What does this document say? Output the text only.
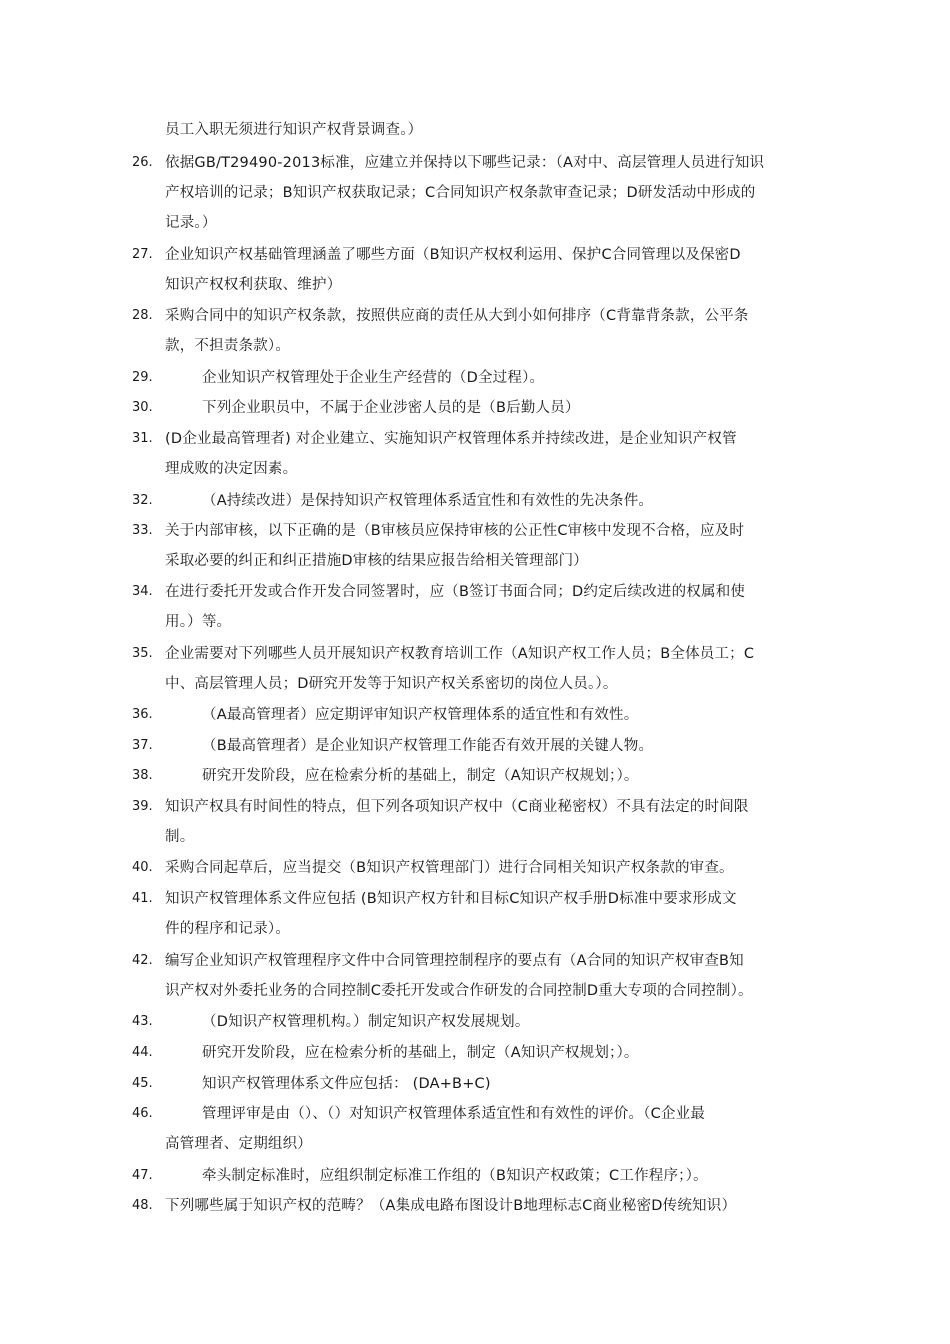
员工入职无须进行知识产权背景调查。）
26. 依据GB/T29490-2013标准，应建立并保持以下哪些记录：（A对中、高层管理人员进行知识
产权培训的记录；B知识产权获取记录；C合同知识产权条款审查记录；D研发活动中形成的
记录。）
27. 企业知识产权基础管理涵盖了哪些方面（B知识产权权利运用、保护C合同管理以及保密D
知识产权权利获取、维护）
28. 采购合同中的知识产权条款，按照供应商的责任从大到小如何排序（C背靠背条款，公平条
款，不担责条款）。
29.	企业知识产权管理处于企业生产经营的（D全过程）。
30.	下列企业职员中，不属于企业涉密人员的是（B后勤人员）
31. (D企业最高管理者) 对企业建立、实施知识产权管理体系并持续改进，是企业知识产权管
理成败的决定因素。
32.	（A持续改进）是保持知识产权管理体系适宜性和有效性的先决条件。
33. 关于内部审核，以下正确的是（B审核员应保持审核的公正性C审核中发现不合格，应及时
采取必要的纠正和纠正措施D审核的结果应报告给相关管理部门）
34. 在进行委托开发或合作开发合同签署时，应（B签订书面合同；D约定后续改进的权属和使
用。）等。
35. 企业需要对下列哪些人员开展知识产权教育培训工作（A知识产权工作人员；B全体员工；C
中、高层管理人员；D研究开发等于知识产权关系密切的岗位人员。）。
36.	（A最高管理者）应定期评审知识产权管理体系的适宜性和有效性。
37.	（B最高管理者）是企业知识产权管理工作能否有效开展的关键人物。
38.	研究开发阶段，应在检索分析的基础上，制定（A知识产权规划；）。
39. 知识产权具有时间性的特点，但下列各项知识产权中（C商业秘密权）不具有法定的时间限
制。
40. 采购合同起草后，应当提交（B知识产权管理部门）进行合同相关知识产权条款的审查。
41. 知识产权管理体系文件应包括 (B知识产权方针和目标C知识产权手册D标准中要求形成文
件的程序和记录）。
42. 编写企业知识产权管理程序文件中合同管理控制程序的要点有（A合同的知识产权审查B知
识产权对外委托业务的合同控制C委托开发或合作研发的合同控制D重大专项的合同控制）。
43.	（D知识产权管理机构。）制定知识产权发展规划。
44.	研究开发阶段，应在检索分析的基础上，制定（A知识产权规划；）。
45.	知识产权管理体系文件应包括： (DA+B+C)
46.	管理评审是由（）、（）对知识产权管理体系适宜性和有效性的评价。（C企业最
高管理者、定期组织）
47.	牵头制定标准时，应组织制定标准工作组的（B知识产权政策；C工作程序；）。
48. 下列哪些属于知识产权的范畴？（A集成电路布图设计B地理标志C商业秘密D传统知识）
